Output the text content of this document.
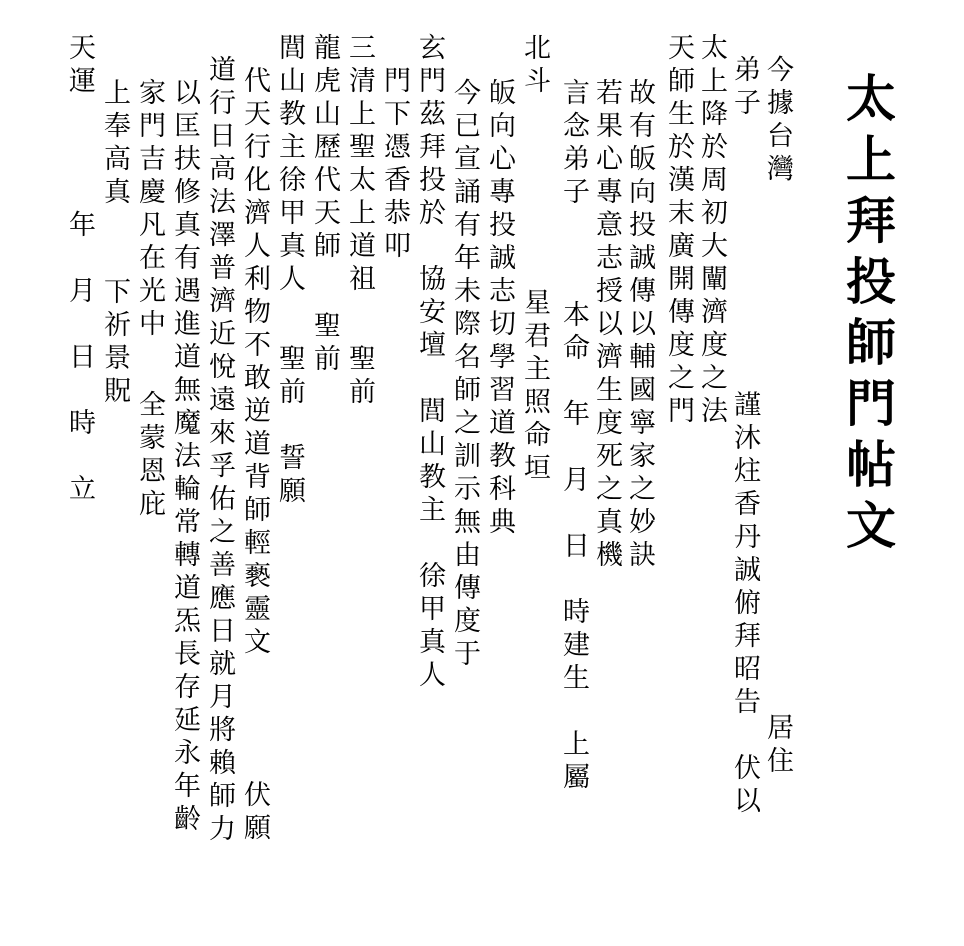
太上拜投師門帖文
今據台灣
居住
弟子
謹沐炷香丹誠俯拜昭告　伏以
太上降於周初大闡濟度之法
天師生於漢末廣開傳度之門
故有皈向投誠傳以輔國寧家之妙訣
若果心專意志授以濟生度死之真機
言念弟子
本命　年　月　日　時建生　上屬
北斗
星君主照命垣
皈向心專投誠志切學習道教科典
今已宣誦有年未際名師之訓示無由傳度于
玄門茲拜投於　協安壇　閭山教主　徐甲真人
門下憑香恭叩
三清上聖太上道祖
聖前
龍虎山歷代天師
聖前
閭山教主徐甲真人
聖前　誓願
代天行化濟人利物不敢逆道背師輕褻靈文
伏願
道行日高法澤普濟近悅遠來孚佑之善應日就月將賴師力
以匡扶修真有遇進道無魔法輪常轉道炁長存延永年齡
家門吉慶凡在光中
全蒙恩庇
上奉高真
下祈景貺
天運
年　月　日　時　立
